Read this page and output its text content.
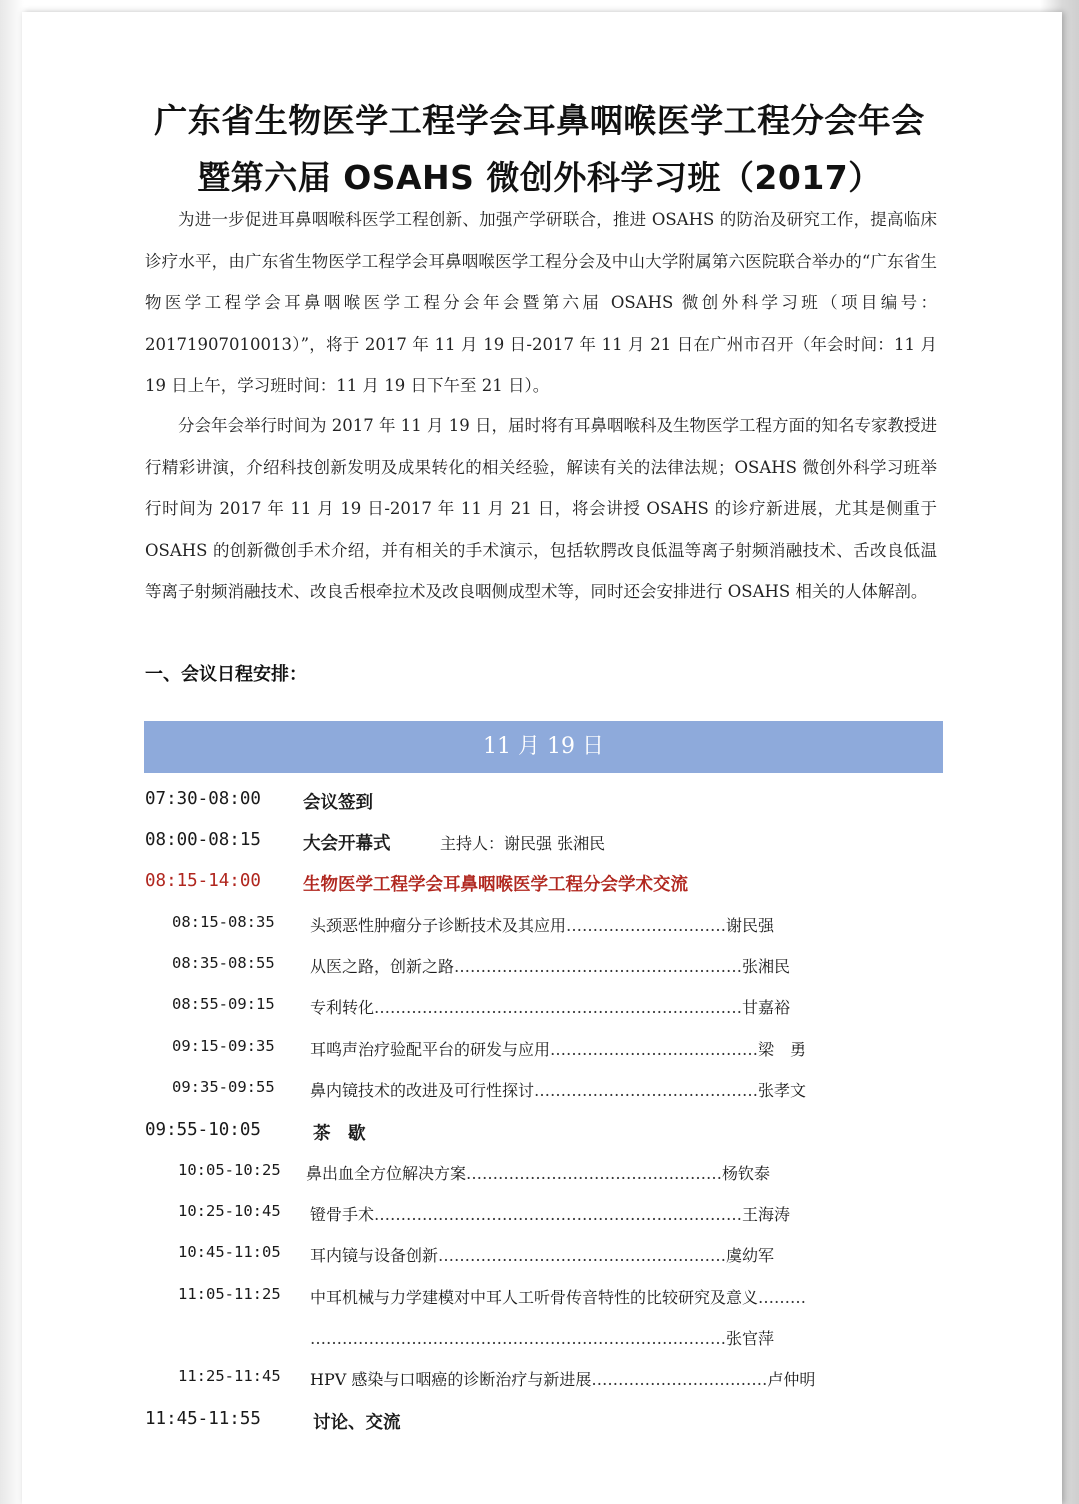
广东省生物医学工程学会耳鼻咽喉医学工程分会年会
暨第六届 OSAHS 微创外科学习班（2017）

为进一步促进耳鼻咽喉科医学工程创新、加强产学研联合，推进 OSAHS 的防治及研究工作，提高临床诊疗水平，由广东省生物医学工程学会耳鼻咽喉医学工程分会及中山大学附属第六医院联合举办的“广东省生物医学工程学会耳鼻咽喉医学工程分会年会暨第六届 OSAHS 微创外科学习班（项目编号：20171907010013）”，将于 2017 年 11 月 19 日-2017 年 11 月 21 日在广州市召开（年会时间：11 月 19 日上午，学习班时间：11 月 19 日下午至 21 日）。

分会年会举行时间为 2017 年 11 月 19 日，届时将有耳鼻咽喉科及生物医学工程方面的知名专家教授进行精彩讲演，介绍科技创新发明及成果转化的相关经验，解读有关的法律法规；OSAHS 微创外科学习班举行时间为 2017 年 11 月 19 日-2017 年 11 月 21 日，将会讲授 OSAHS 的诊疗新进展，尤其是侧重于 OSAHS 的创新微创手术介绍，并有相关的手术演示，包括软腭改良低温等离子射频消融技术、舌改良低温等离子射频消融技术、改良舌根牵拉术及改良咽侧成型术等，同时还会安排进行 OSAHS 相关的人体解剖。

一、会议日程安排：
11 月 19 日
07:30-08:00 会议签到
08:00-08:15 大会开幕式	主持人：谢民强 张湘民
08:15-14:00 生物医学工程学会耳鼻咽喉医学工程分会学术交流
08:15-08:35 头颈恶性肿瘤分子诊断技术及其应用…………………………谢民强
08:35-08:55 从医之路，创新之路………………………………………………张湘民
08:55-09:15 专利转化……………………………………………………………甘嘉裕
09:15-09:35 耳鸣声治疗验配平台的研发与应用…………………………………梁　勇
09:35-09:55 鼻内镜技术的改进及可行性探讨……………………………………张孝文
09:55-10:05	茶　歇
10:05-10:25 鼻出血全方位解决方案…………………………………………杨钦泰
10:25-10:45 镫骨手术……………………………………………………………王海涛
10:45-11:05 耳内镜与设备创新………………………………………………虞幼军
11:05-11:25 中耳机械与力学建模对中耳人工听骨传音特性的比较研究及意义………
……………………………………………………………………张官萍
11:25-11:45 HPV 感染与口咽癌的诊断治疗与新进展……………………………卢仲明
11:45-11:55	讨论、交流
